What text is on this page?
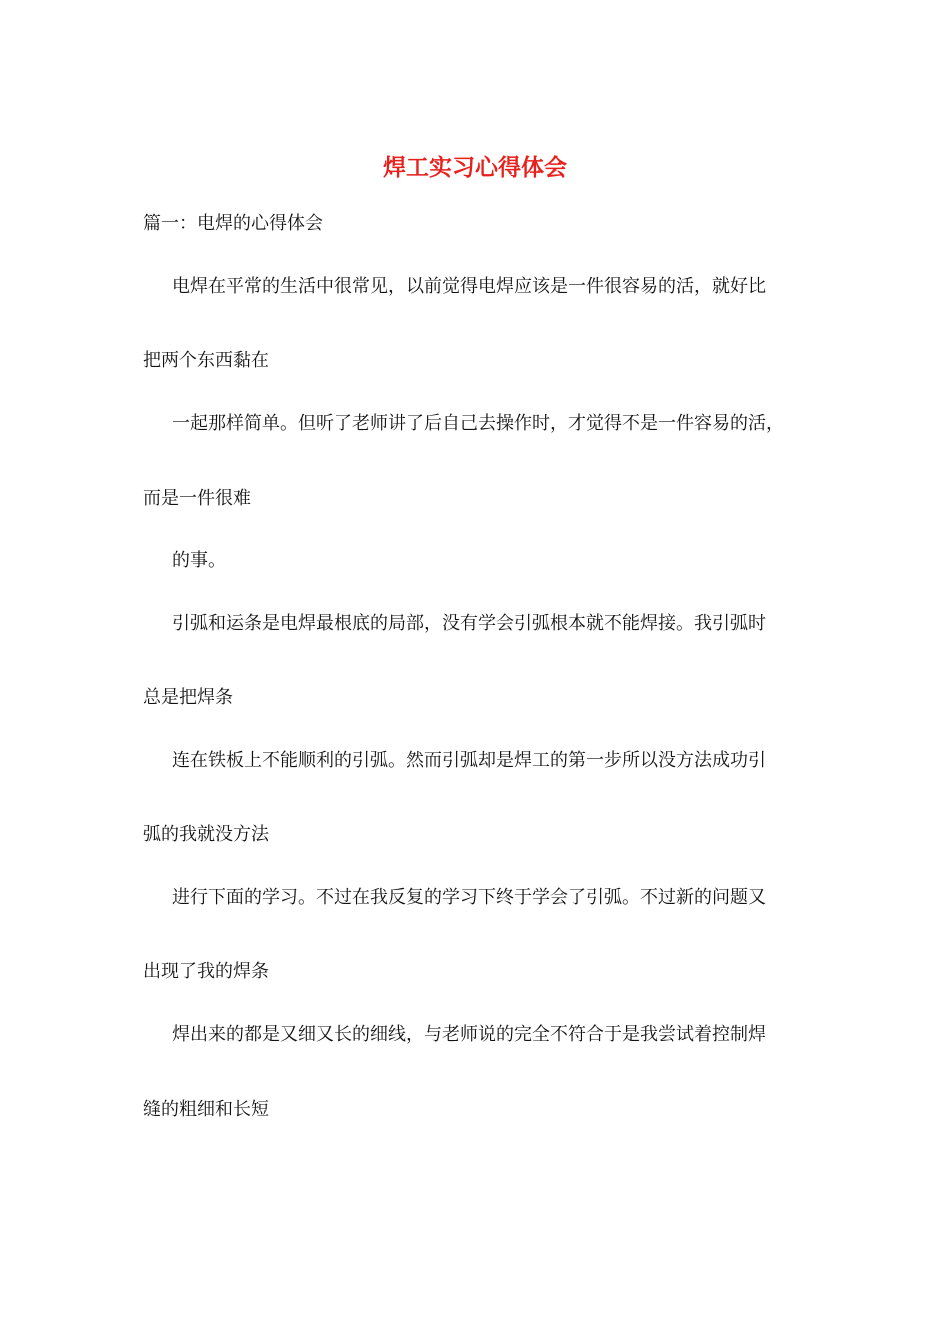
焊工实习心得体会

篇一：电焊的心得体会

电焊在平常的生活中很常见，以前觉得电焊应该是一件很容易的活，就好比

把两个东西黏在

一起那样简单。但听了老师讲了后自己去操作时，才觉得不是一件容易的活，

而是一件很难

的事。

引弧和运条是电焊最根底的局部，没有学会引弧根本就不能焊接。我引弧时

总是把焊条

连在铁板上不能顺利的引弧。然而引弧却是焊工的第一步所以没方法成功引

弧的我就没方法

进行下面的学习。不过在我反复的学习下终于学会了引弧。不过新的问题又

出现了我的焊条

焊出来的都是又细又长的细线，与老师说的完全不符合于是我尝试着控制焊

缝的粗细和长短
